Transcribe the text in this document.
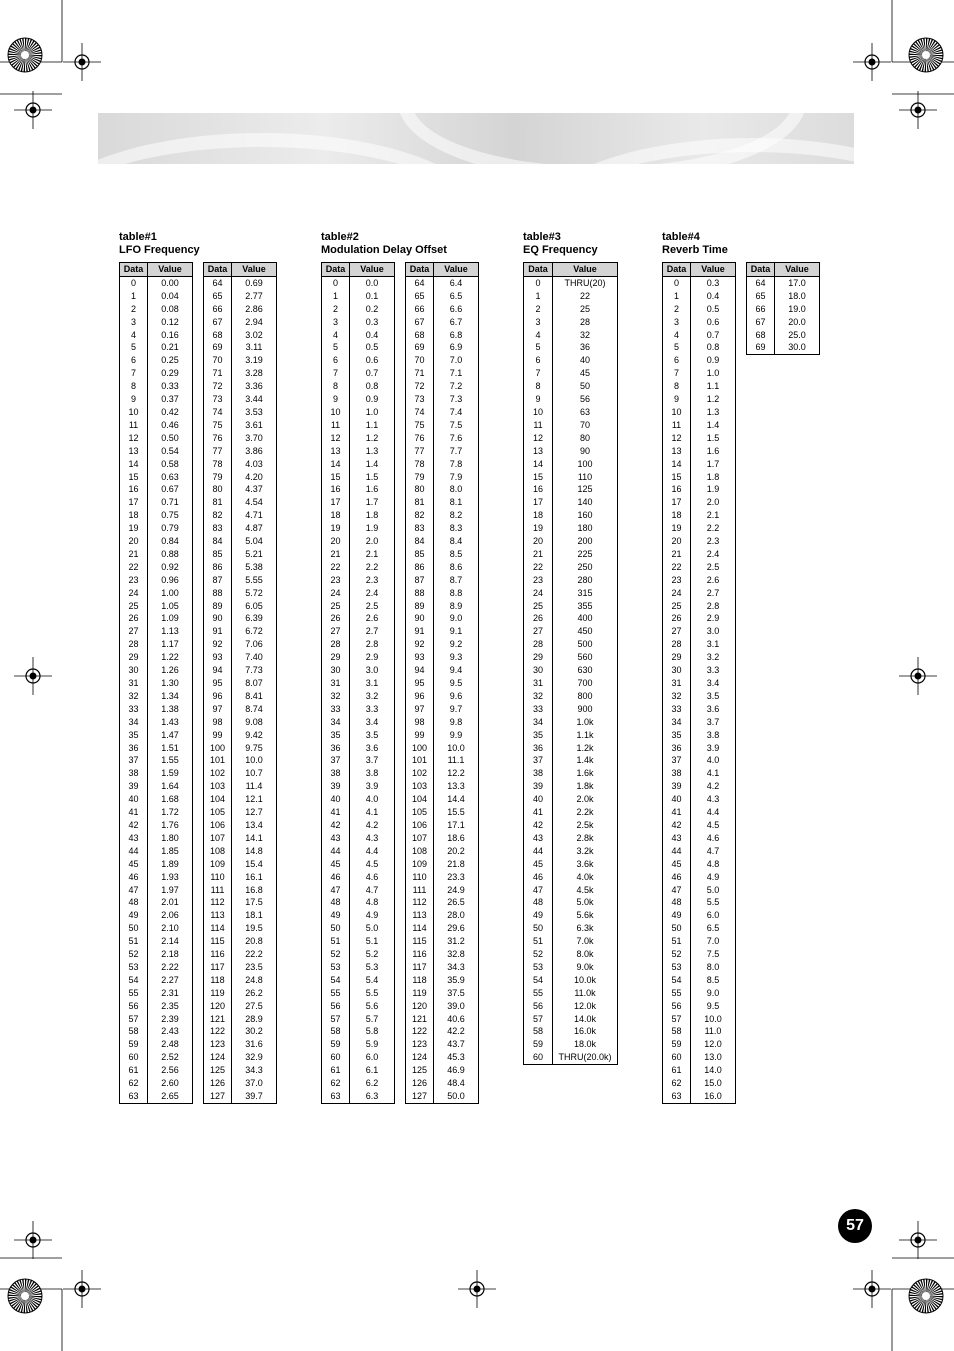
table#1
LFO Frequency
table#2
Modulation Delay Offset
table#3
EQ Frequency
table#4
Reverb Time
Data	Value
0	0.00
1	0.04
2	0.08
3	0.12
4	0.16
5	0.21
6	0.25
7	0.29
8	0.33
9	0.37
10	0.42
11	0.46
12	0.50
13	0.54
14	0.58
15	0.63
16	0.67
17	0.71
18	0.75
19	0.79
20	0.84
21	0.88
22	0.92
23	0.96
24	1.00
25	1.05
26	1.09
27	1.13
28	1.17
29	1.22
30	1.26
31	1.30
32	1.34
33	1.38
34	1.43
35	1.47
36	1.51
37	1.55
38	1.59
39	1.64
40	1.68
41	1.72
42	1.76
43	1.80
44	1.85
45	1.89
46	1.93
47	1.97
48	2.01
49	2.06
50	2.10
51	2.14
52	2.18
53	2.22
54	2.27
55	2.31
56	2.35
57	2.39
58	2.43
59	2.48
60	2.52
61	2.56
62	2.60
63	2.65
Data	Value
64	0.69
65	2.77
66	2.86
67	2.94
68	3.02
69	3.11
70	3.19
71	3.28
72	3.36
73	3.44
74	3.53
75	3.61
76	3.70
77	3.86
78	4.03
79	4.20
80	4.37
81	4.54
82	4.71
83	4.87
84	5.04
85	5.21
86	5.38
87	5.55
88	5.72
89	6.05
90	6.39
91	6.72
92	7.06
93	7.40
94	7.73
95	8.07
96	8.41
97	8.74
98	9.08
99	9.42
100	9.75
101	10.0
102	10.7
103	11.4
104	12.1
105	12.7
106	13.4
107	14.1
108	14.8
109	15.4
110	16.1
111	16.8
112	17.5
113	18.1
114	19.5
115	20.8
116	22.2
117	23.5
118	24.8
119	26.2
120	27.5
121	28.9
122	30.2
123	31.6
124	32.9
125	34.3
126	37.0
127	39.7
Data	Value
0	0.0
1	0.1
2	0.2
3	0.3
4	0.4
5	0.5
6	0.6
7	0.7
8	0.8
9	0.9
10	1.0
11	1.1
12	1.2
13	1.3
14	1.4
15	1.5
16	1.6
17	1.7
18	1.8
19	1.9
20	2.0
21	2.1
22	2.2
23	2.3
24	2.4
25	2.5
26	2.6
27	2.7
28	2.8
29	2.9
30	3.0
31	3.1
32	3.2
33	3.3
34	3.4
35	3.5
36	3.6
37	3.7
38	3.8
39	3.9
40	4.0
41	4.1
42	4.2
43	4.3
44	4.4
45	4.5
46	4.6
47	4.7
48	4.8
49	4.9
50	5.0
51	5.1
52	5.2
53	5.3
54	5.4
55	5.5
56	5.6
57	5.7
58	5.8
59	5.9
60	6.0
61	6.1
62	6.2
63	6.3
Data	Value
64	6.4
65	6.5
66	6.6
67	6.7
68	6.8
69	6.9
70	7.0
71	7.1
72	7.2
73	7.3
74	7.4
75	7.5
76	7.6
77	7.7
78	7.8
79	7.9
80	8.0
81	8.1
82	8.2
83	8.3
84	8.4
85	8.5
86	8.6
87	8.7
88	8.8
89	8.9
90	9.0
91	9.1
92	9.2
93	9.3
94	9.4
95	9.5
96	9.6
97	9.7
98	9.8
99	9.9
100	10.0
101	11.1
102	12.2
103	13.3
104	14.4
105	15.5
106	17.1
107	18.6
108	20.2
109	21.8
110	23.3
111	24.9
112	26.5
113	28.0
114	29.6
115	31.2
116	32.8
117	34.3
118	35.9
119	37.5
120	39.0
121	40.6
122	42.2
123	43.7
124	45.3
125	46.9
126	48.4
127	50.0
Data	Value
0	THRU(20)
1	22
2	25
3	28
4	32
5	36
6	40
7	45
8	50
9	56
10	63
11	70
12	80
13	90
14	100
15	110
16	125
17	140
18	160
19	180
20	200
21	225
22	250
23	280
24	315
25	355
26	400
27	450
28	500
29	560
30	630
31	700
32	800
33	900
34	1.0k
35	1.1k
36	1.2k
37	1.4k
38	1.6k
39	1.8k
40	2.0k
41	2.2k
42	2.5k
43	2.8k
44	3.2k
45	3.6k
46	4.0k
47	4.5k
48	5.0k
49	5.6k
50	6.3k
51	7.0k
52	8.0k
53	9.0k
54	10.0k
55	11.0k
56	12.0k
57	14.0k
58	16.0k
59	18.0k
60	THRU(20.0k)
Data	Value
0	0.3
1	0.4
2	0.5
3	0.6
4	0.7
5	0.8
6	0.9
7	1.0
8	1.1
9	1.2
10	1.3
11	1.4
12	1.5
13	1.6
14	1.7
15	1.8
16	1.9
17	2.0
18	2.1
19	2.2
20	2.3
21	2.4
22	2.5
23	2.6
24	2.7
25	2.8
26	2.9
27	3.0
28	3.1
29	3.2
30	3.3
31	3.4
32	3.5
33	3.6
34	3.7
35	3.8
36	3.9
37	4.0
38	4.1
39	4.2
40	4.3
41	4.4
42	4.5
43	4.6
44	4.7
45	4.8
46	4.9
47	5.0
48	5.5
49	6.0
50	6.5
51	7.0
52	7.5
53	8.0
54	8.5
55	9.0
56	9.5
57	10.0
58	11.0
59	12.0
60	13.0
61	14.0
62	15.0
63	16.0
Data	Value
64	17.0
65	18.0
66	19.0
67	20.0
68	25.0
69	30.0
57
